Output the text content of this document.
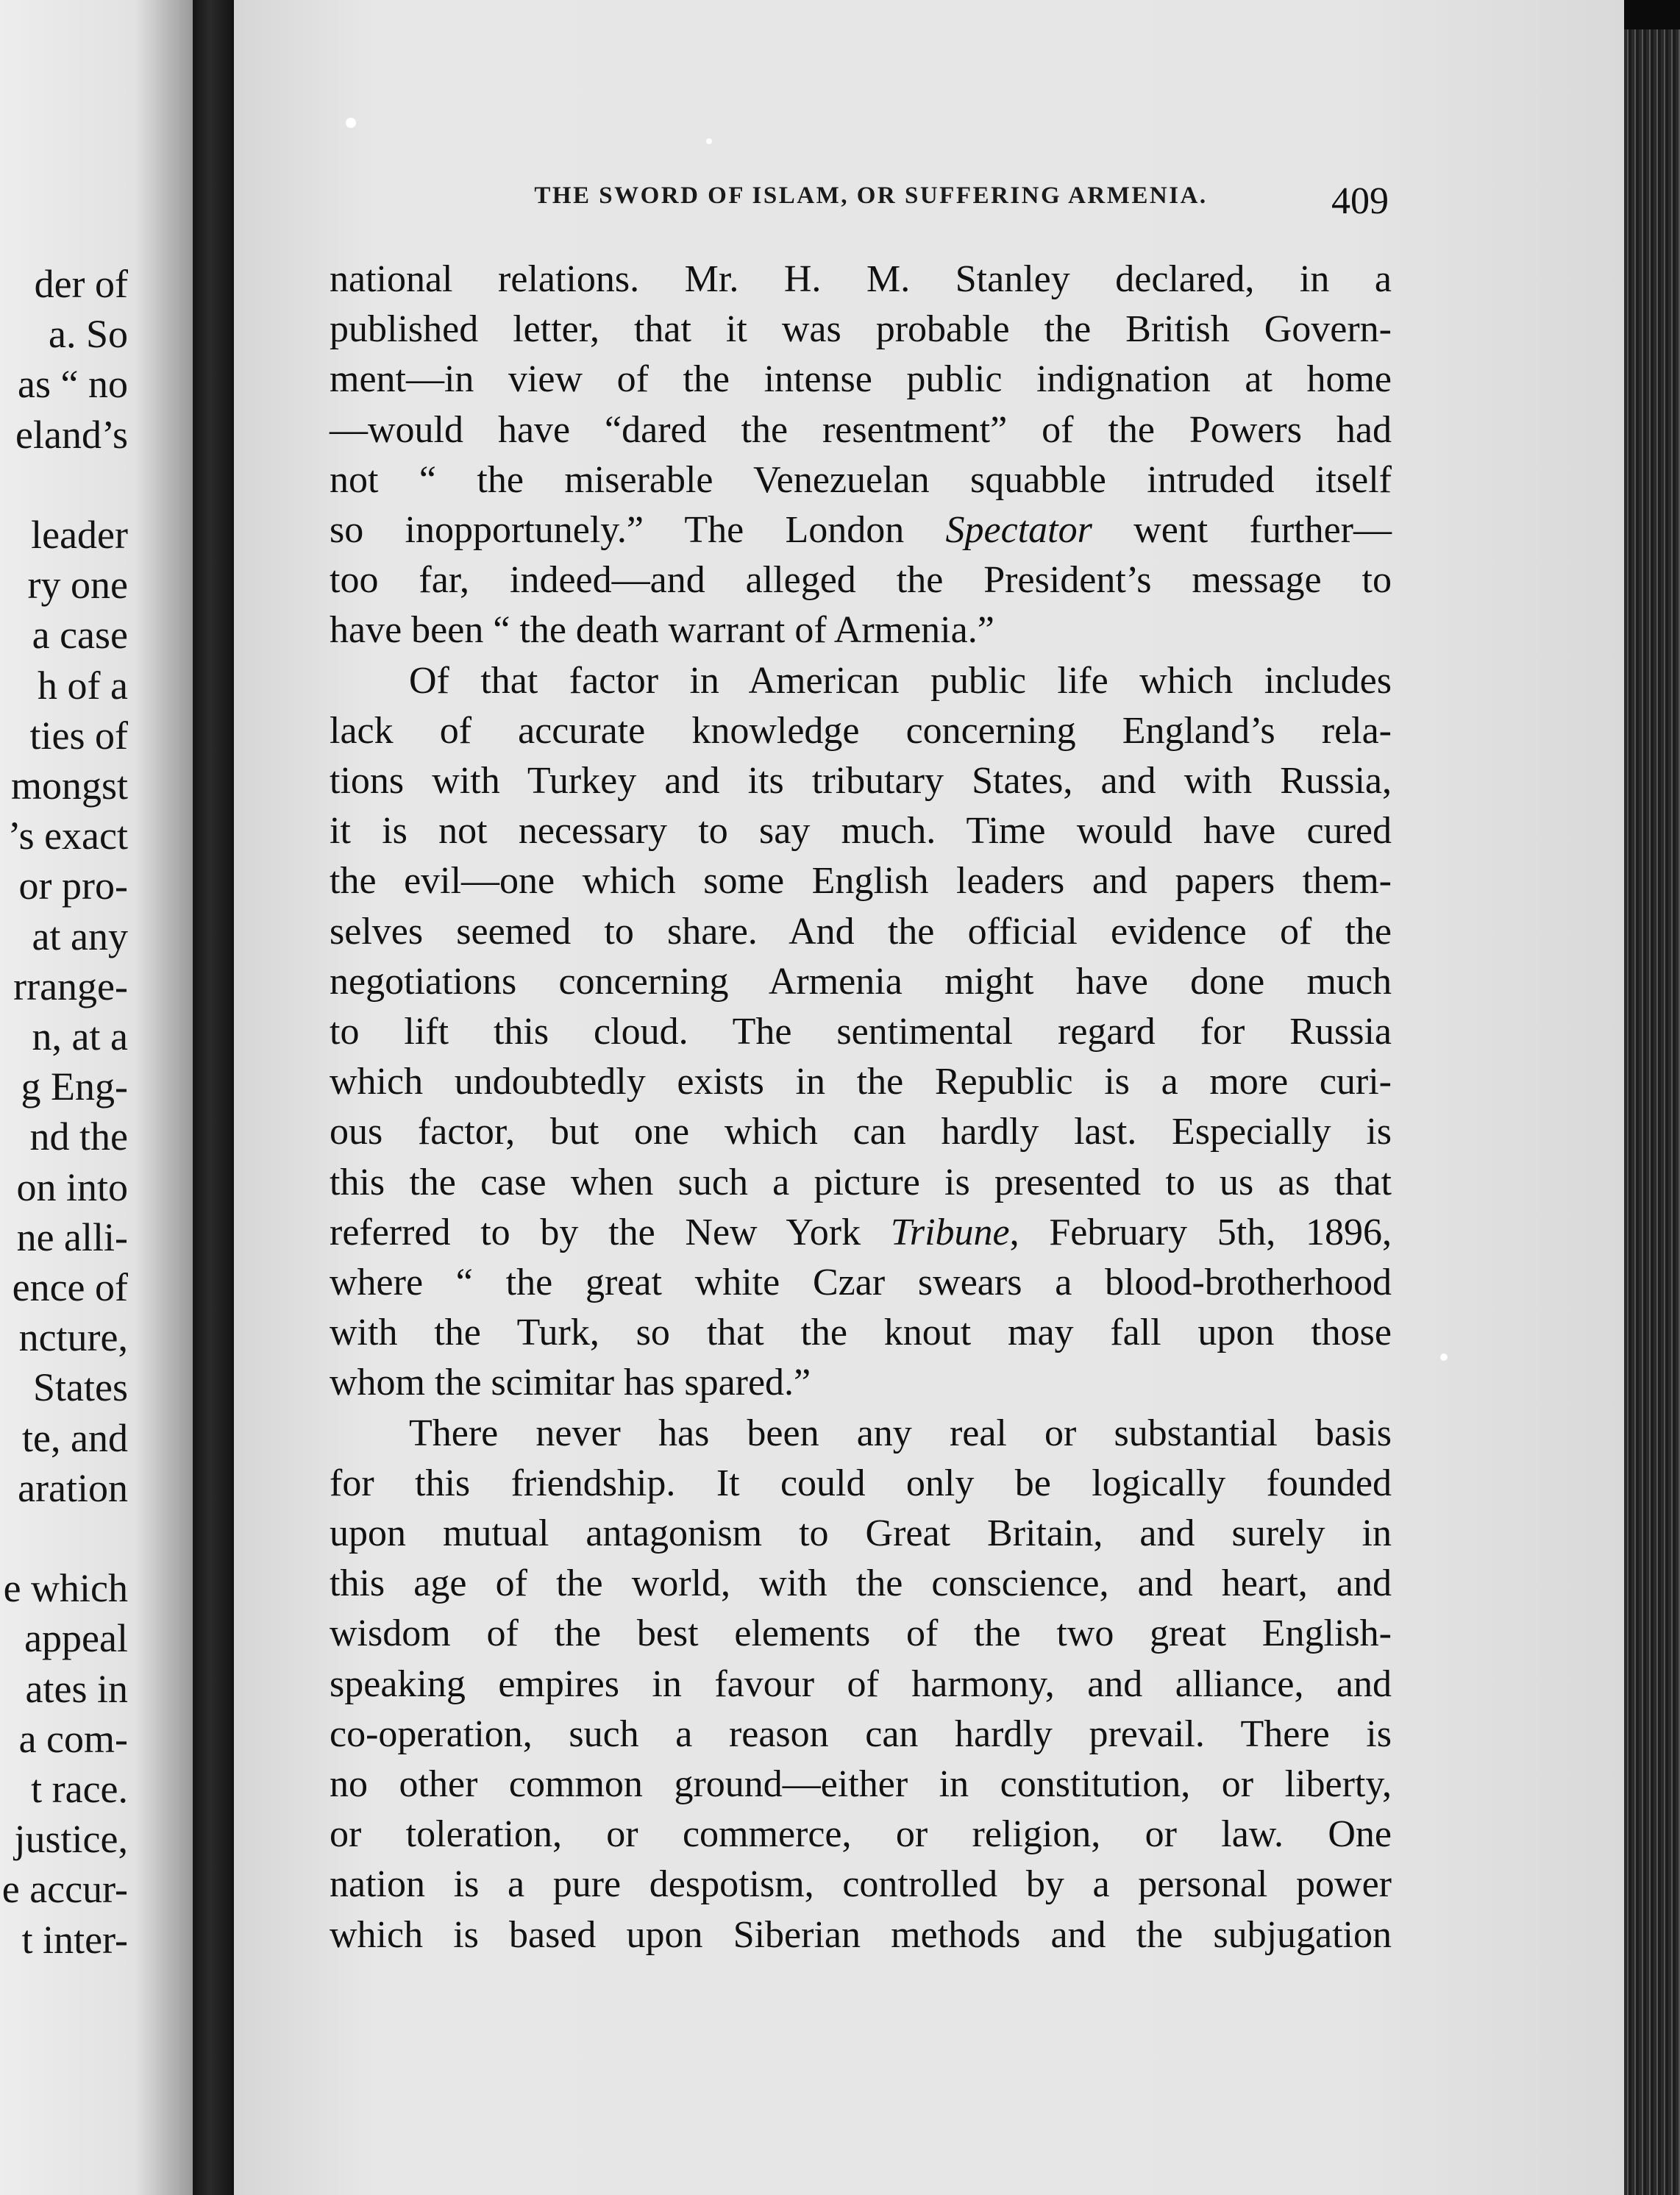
der of
a. So
as “ no
eland’s
leader
ry one
a case
h of a
ties of
mongst
’s exact
or pro-
at any
rrange-
n, at a
g Eng-
nd the
on into
ne alli-
ence of
ncture,
States
te, and
aration
e which
appeal
ates in
a com-
t race.
justice,
e accur-
t inter-
THE SWORD OF ISLAM, OR SUFFERING ARMENIA.	409
national relations. Mr. H. M. Stanley declared, in a
published letter, that it was probable the British Govern-
ment—in view of the intense public indignation at home
—would have “dared the resentment” of the Powers had
not “ the miserable Venezuelan squabble intruded itself
so inopportunely.” The London Spectator went further—
too far, indeed—and alleged the President’s message to
have been “ the death warrant of Armenia.”
Of that factor in American public life which includes
lack of accurate knowledge concerning England’s rela-
tions with Turkey and its tributary States, and with Russia,
it is not necessary to say much. Time would have cured
the evil—one which some English leaders and papers them-
selves seemed to share. And the official evidence of the
negotiations concerning Armenia might have done much
to lift this cloud. The sentimental regard for Russia
which undoubtedly exists in the Republic is a more curi-
ous factor, but one which can hardly last. Especially is
this the case when such a picture is presented to us as that
referred to by the New York Tribune, February 5th, 1896,
where “ the great white Czar swears a blood-brotherhood
with the Turk, so that the knout may fall upon those
whom the scimitar has spared.”
There never has been any real or substantial basis
for this friendship. It could only be logically founded
upon mutual antagonism to Great Britain, and surely in
this age of the world, with the conscience, and heart, and
wisdom of the best elements of the two great English-
speaking empires in favour of harmony, and alliance, and
co-operation, such a reason can hardly prevail. There is
no other common ground—either in constitution, or liberty,
or toleration, or commerce, or religion, or law. One
nation is a pure despotism, controlled by a personal power
which is based upon Siberian methods and the subjugation
